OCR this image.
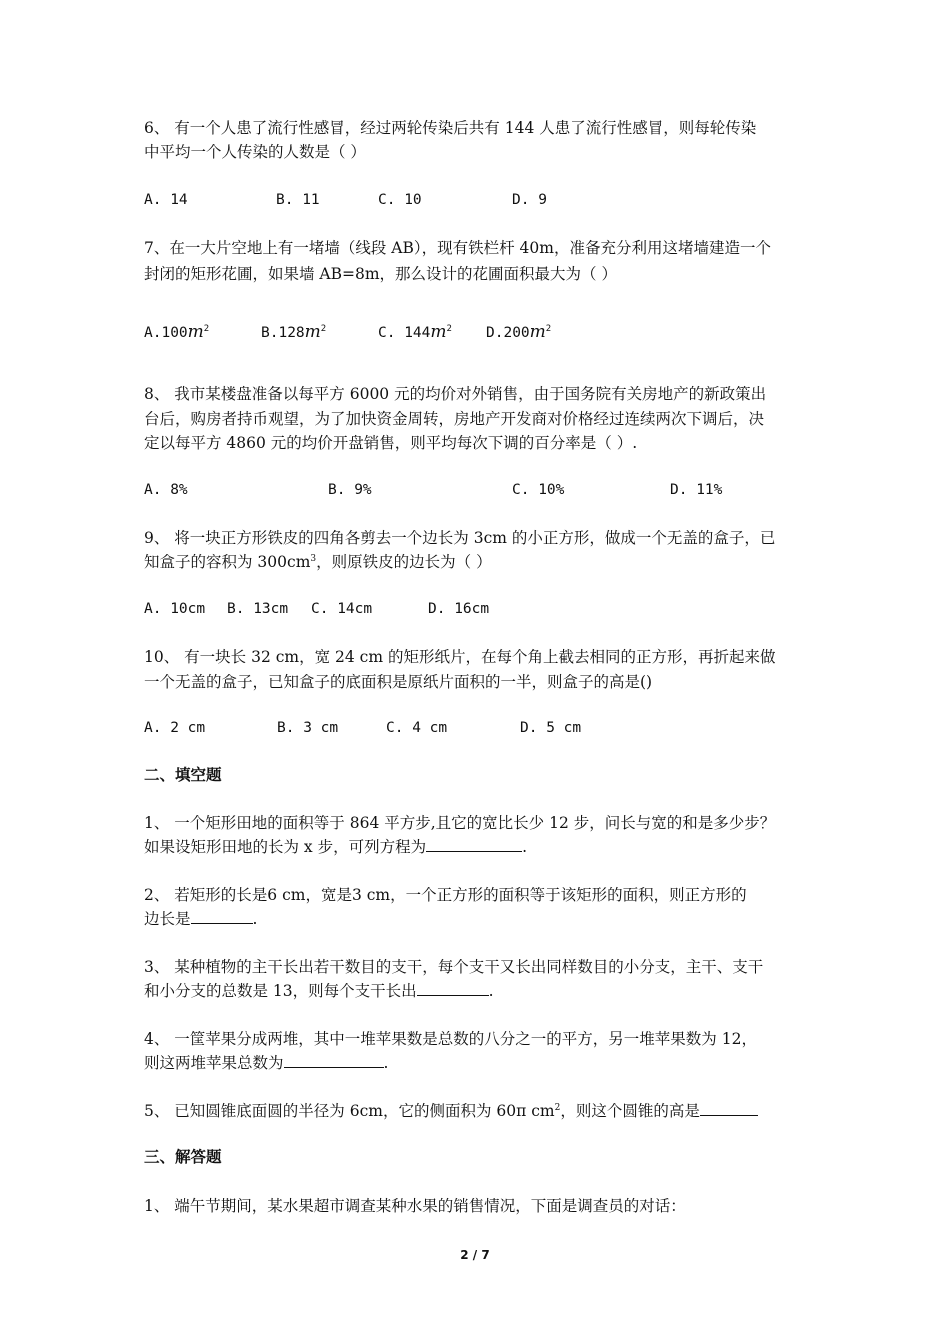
6、 有一个人患了流行性感冒，经过两轮传染后共有 144 人患了流行性感冒，则每轮传染
中平均一个人传染的人数是（ ）
A. 14	B. 11	C. 10	D. 9
7、在一大片空地上有一堵墙（线段 AB），现有铁栏杆 40m，准备充分利用这堵墙建造一个
封闭的矩形花圃，如果墙 AB=8m，那么设计的花圃面积最大为（ ）
$A.100m^2$	$B.128m^2$	C. $144m^2$ $D.200m^2$
8、 我市某楼盘准备以每平方 6000 元的均价对外销售，由于国务院有关房地产的新政策出
台后，购房者持币观望，为了加快资金周转，房地产开发商对价格经过连续两次下调后，决
定以每平方 4860 元的均价开盘销售，则平均每次下调的百分率是（ ）.
A. 8%	B. 9%	C. 10%	D. 11%
9、 将一块正方形铁皮的四角各剪去一个边长为 3cm 的小正方形，做成一个无盖的盒子，已
知盒子的容积为 $300cm^3$，则原铁皮的边长为（ ）
A. 10cm B. 13cm C. 14cm	D. 16cm
10、 有一块长 32 cm，宽 24 cm 的矩形纸片，在每个角上截去相同的正方形，再折起来做
一个无盖的盒子，已知盒子的底面积是原纸片面积的一半，则盒子的高是()
A. 2 cm	B. 3 cm	C. 4 cm	D. 5 cm
二、填空题
1、 一个矩形田地的面积等于 864 平方步,且它的宽比长少 12 步，问长与宽的和是多少步？
如果设矩形田地的长为 x 步，可列方程为	.
2、 若矩形的长是6 cm，宽是3 cm，一个正方形的面积等于该矩形的面积，则正方形的
边长是	.
3、 某种植物的主干长出若干数目的支干，每个支干又长出同样数目的小分支，主干、支干
和小分支的总数是 13，则每个支干长出	.
4、 一筐苹果分成两堆，其中一堆苹果数是总数的八分之一的平方，另一堆苹果数为 12，
则这两堆苹果总数为	.
5、 已知圆锥底面圆的半径为 6cm，它的侧面积为 60π $cm^2$，则这个圆锥的高是
三、解答题
1、 端午节期间，某水果超市调查某种水果的销售情况，下面是调查员的对话：
2 / 7
